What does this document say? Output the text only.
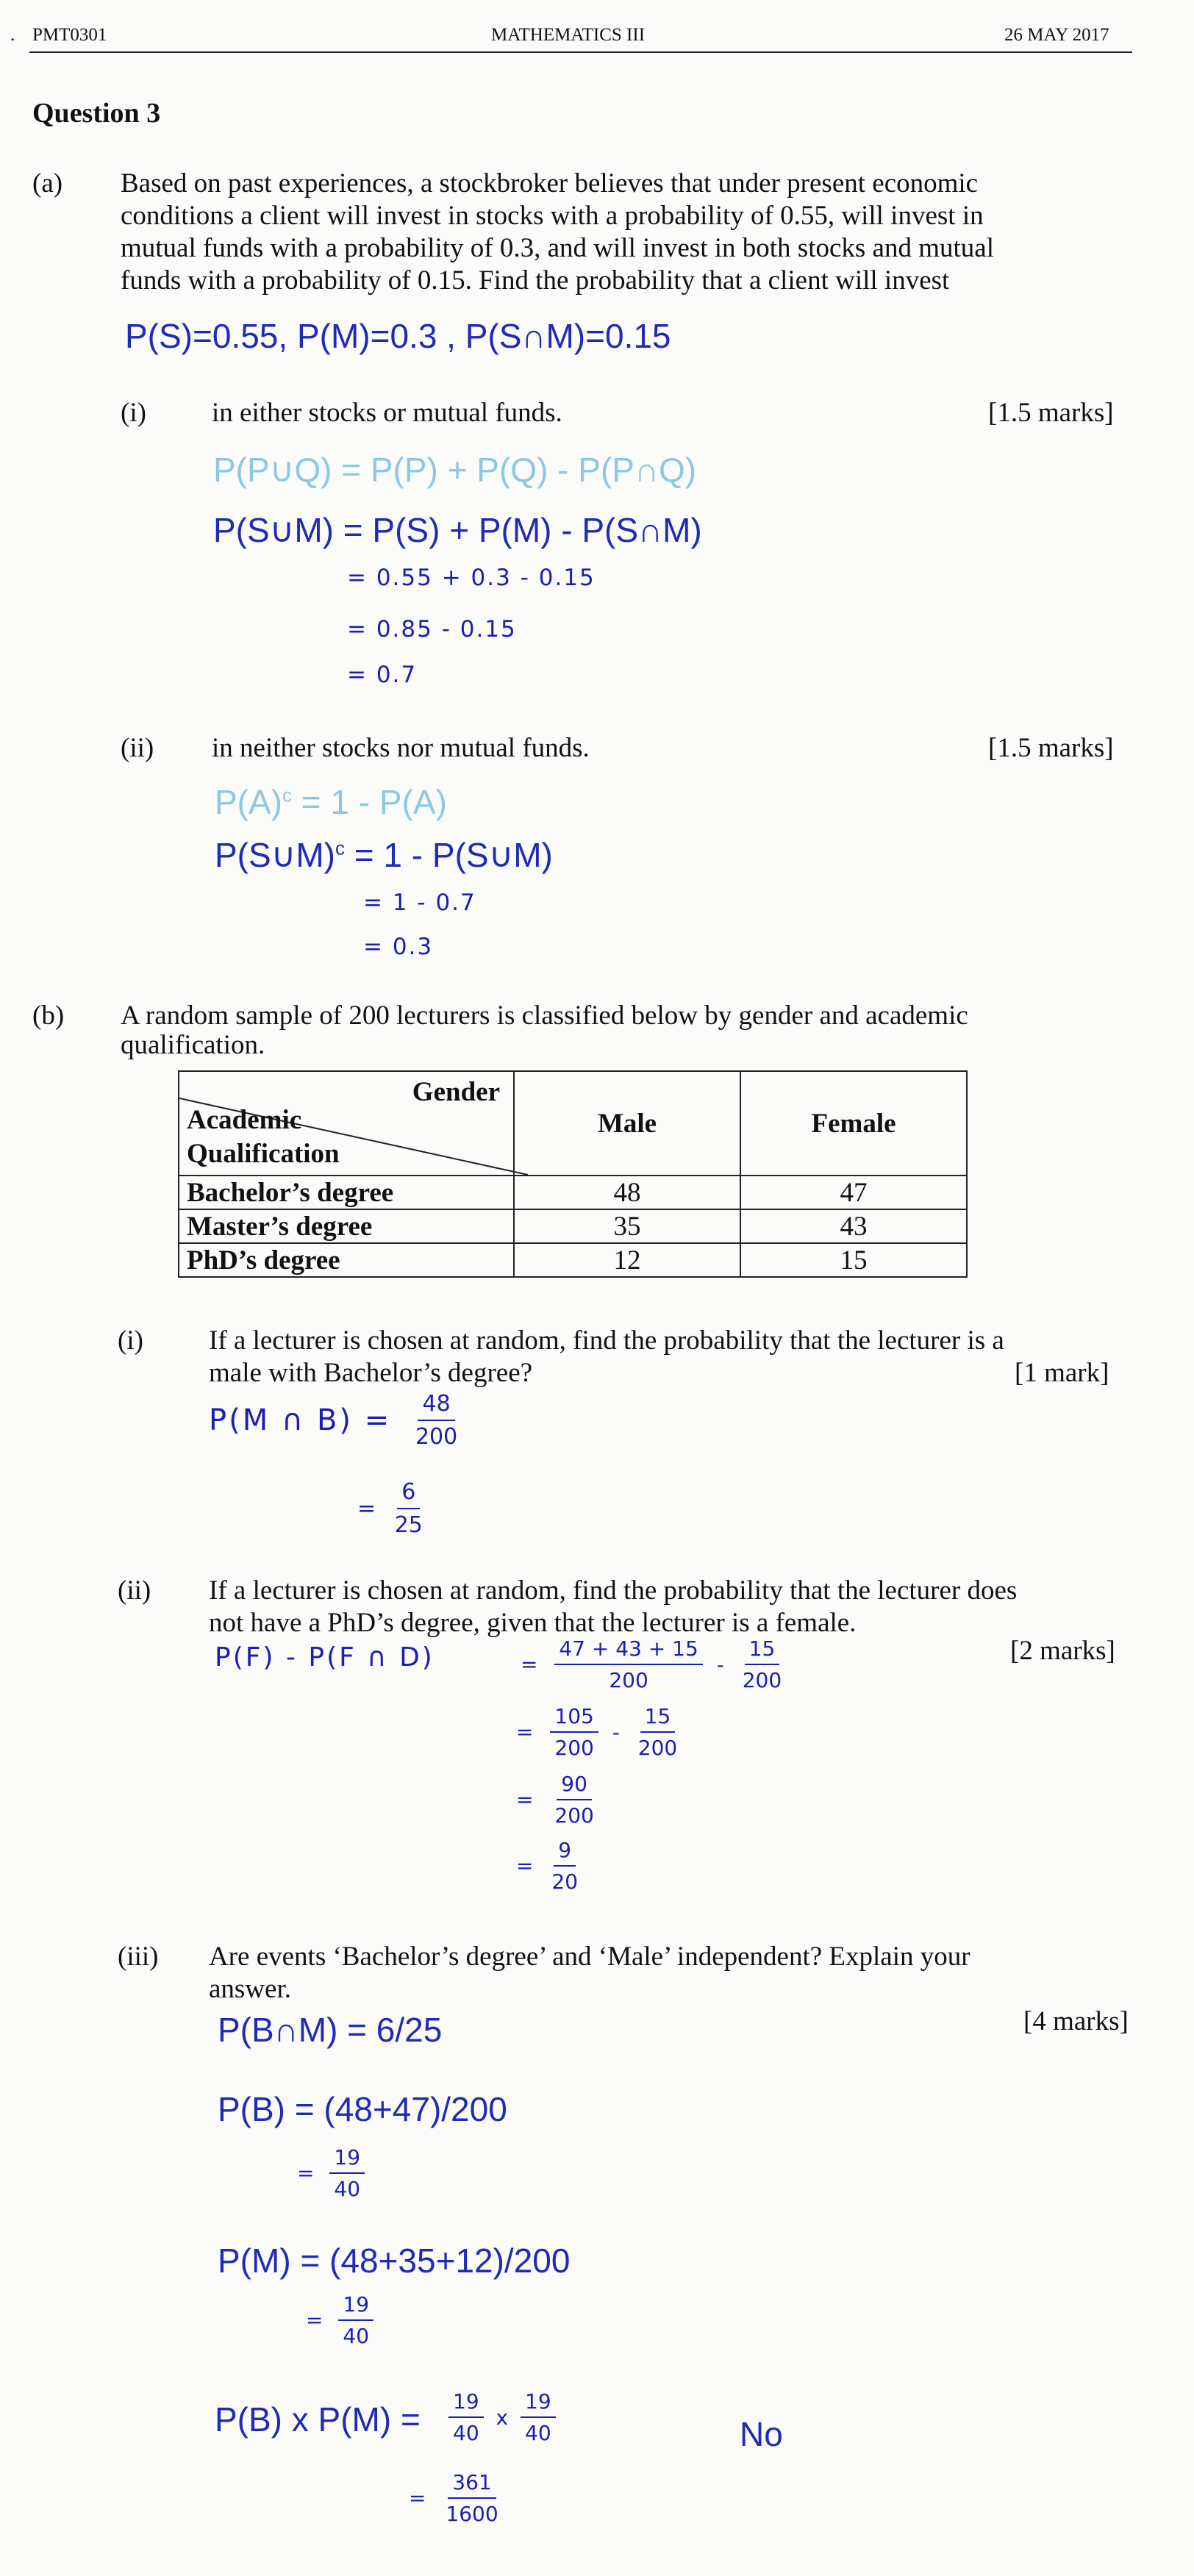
. PMT0301	MATHEMATICS III	26 MAY 2017
Question 3
(a) Based on past experiences, a stockbroker believes that under present economic
conditions a client will invest in stocks with a probability of 0.55, will invest in
mutual funds with a probability of 0.3, and will invest in both stocks and mutual
funds with a probability of 0.15. Find the probability that a client will invest
P(S)=0.55, P(M)=0.3 , P(S∩M)=0.15
(i) in either stocks or mutual funds.	[1.5 marks]
P(P∪Q) = P(P) + P(Q) - P(P∩Q)
P(S∪M) = P(S) + P(M) - P(S∩M)
= 0.55 + 0.3 - 0.15
= 0.85 - 0.15
= 0.7
(ii) in neither stocks nor mutual funds.	[1.5 marks]
$P(A)^c = 1 - P(A)$
P(S∪M)$^c$ = 1 - P(S∪M)
= 1 - 0.7
= 0.3
(b) A random sample of 200 lecturers is classified below by gender and academic
qualification.
Gender
Academic
Qualification	Male	Female
Bachelor’s degree	48	47
Master’s degree	35	43
PhD’s degree	12	15
(i) If a lecturer is chosen at random, find the probability that the lecturer is a
male with Bachelor’s degree?	[1 mark]
P(M ∩ $B) = \frac{48}{200}$
= $\frac{6}{25}$
(ii) If a lecturer is chosen at random, find the probability that the lecturer does
not have a PhD’s degree, given that the lecturer is a female.
[2 marks]
P(F) - P(F ∩ D)	= $\frac{47 + 43 + 15}{200} - \frac{15}{200}$
= $\frac{105}{200} - \frac{15}{200}$
= $\frac{90}{200}$
= $\frac{9}{20}$
(iii) Are events ‘Bachelor’s degree’ and ‘Male’ independent? Explain your
answer.
[4 marks]
P(B∩M) = 6/25
P(B) = (48+47)/200
= $\frac{19}{40}$
P(M) = (48+35+12)/200
= $\frac{19}{40}$
P(B) x $P(M) = \frac{19}{40}$ x $\frac{19}{40}$	No
= $\frac{361}{1600}$
